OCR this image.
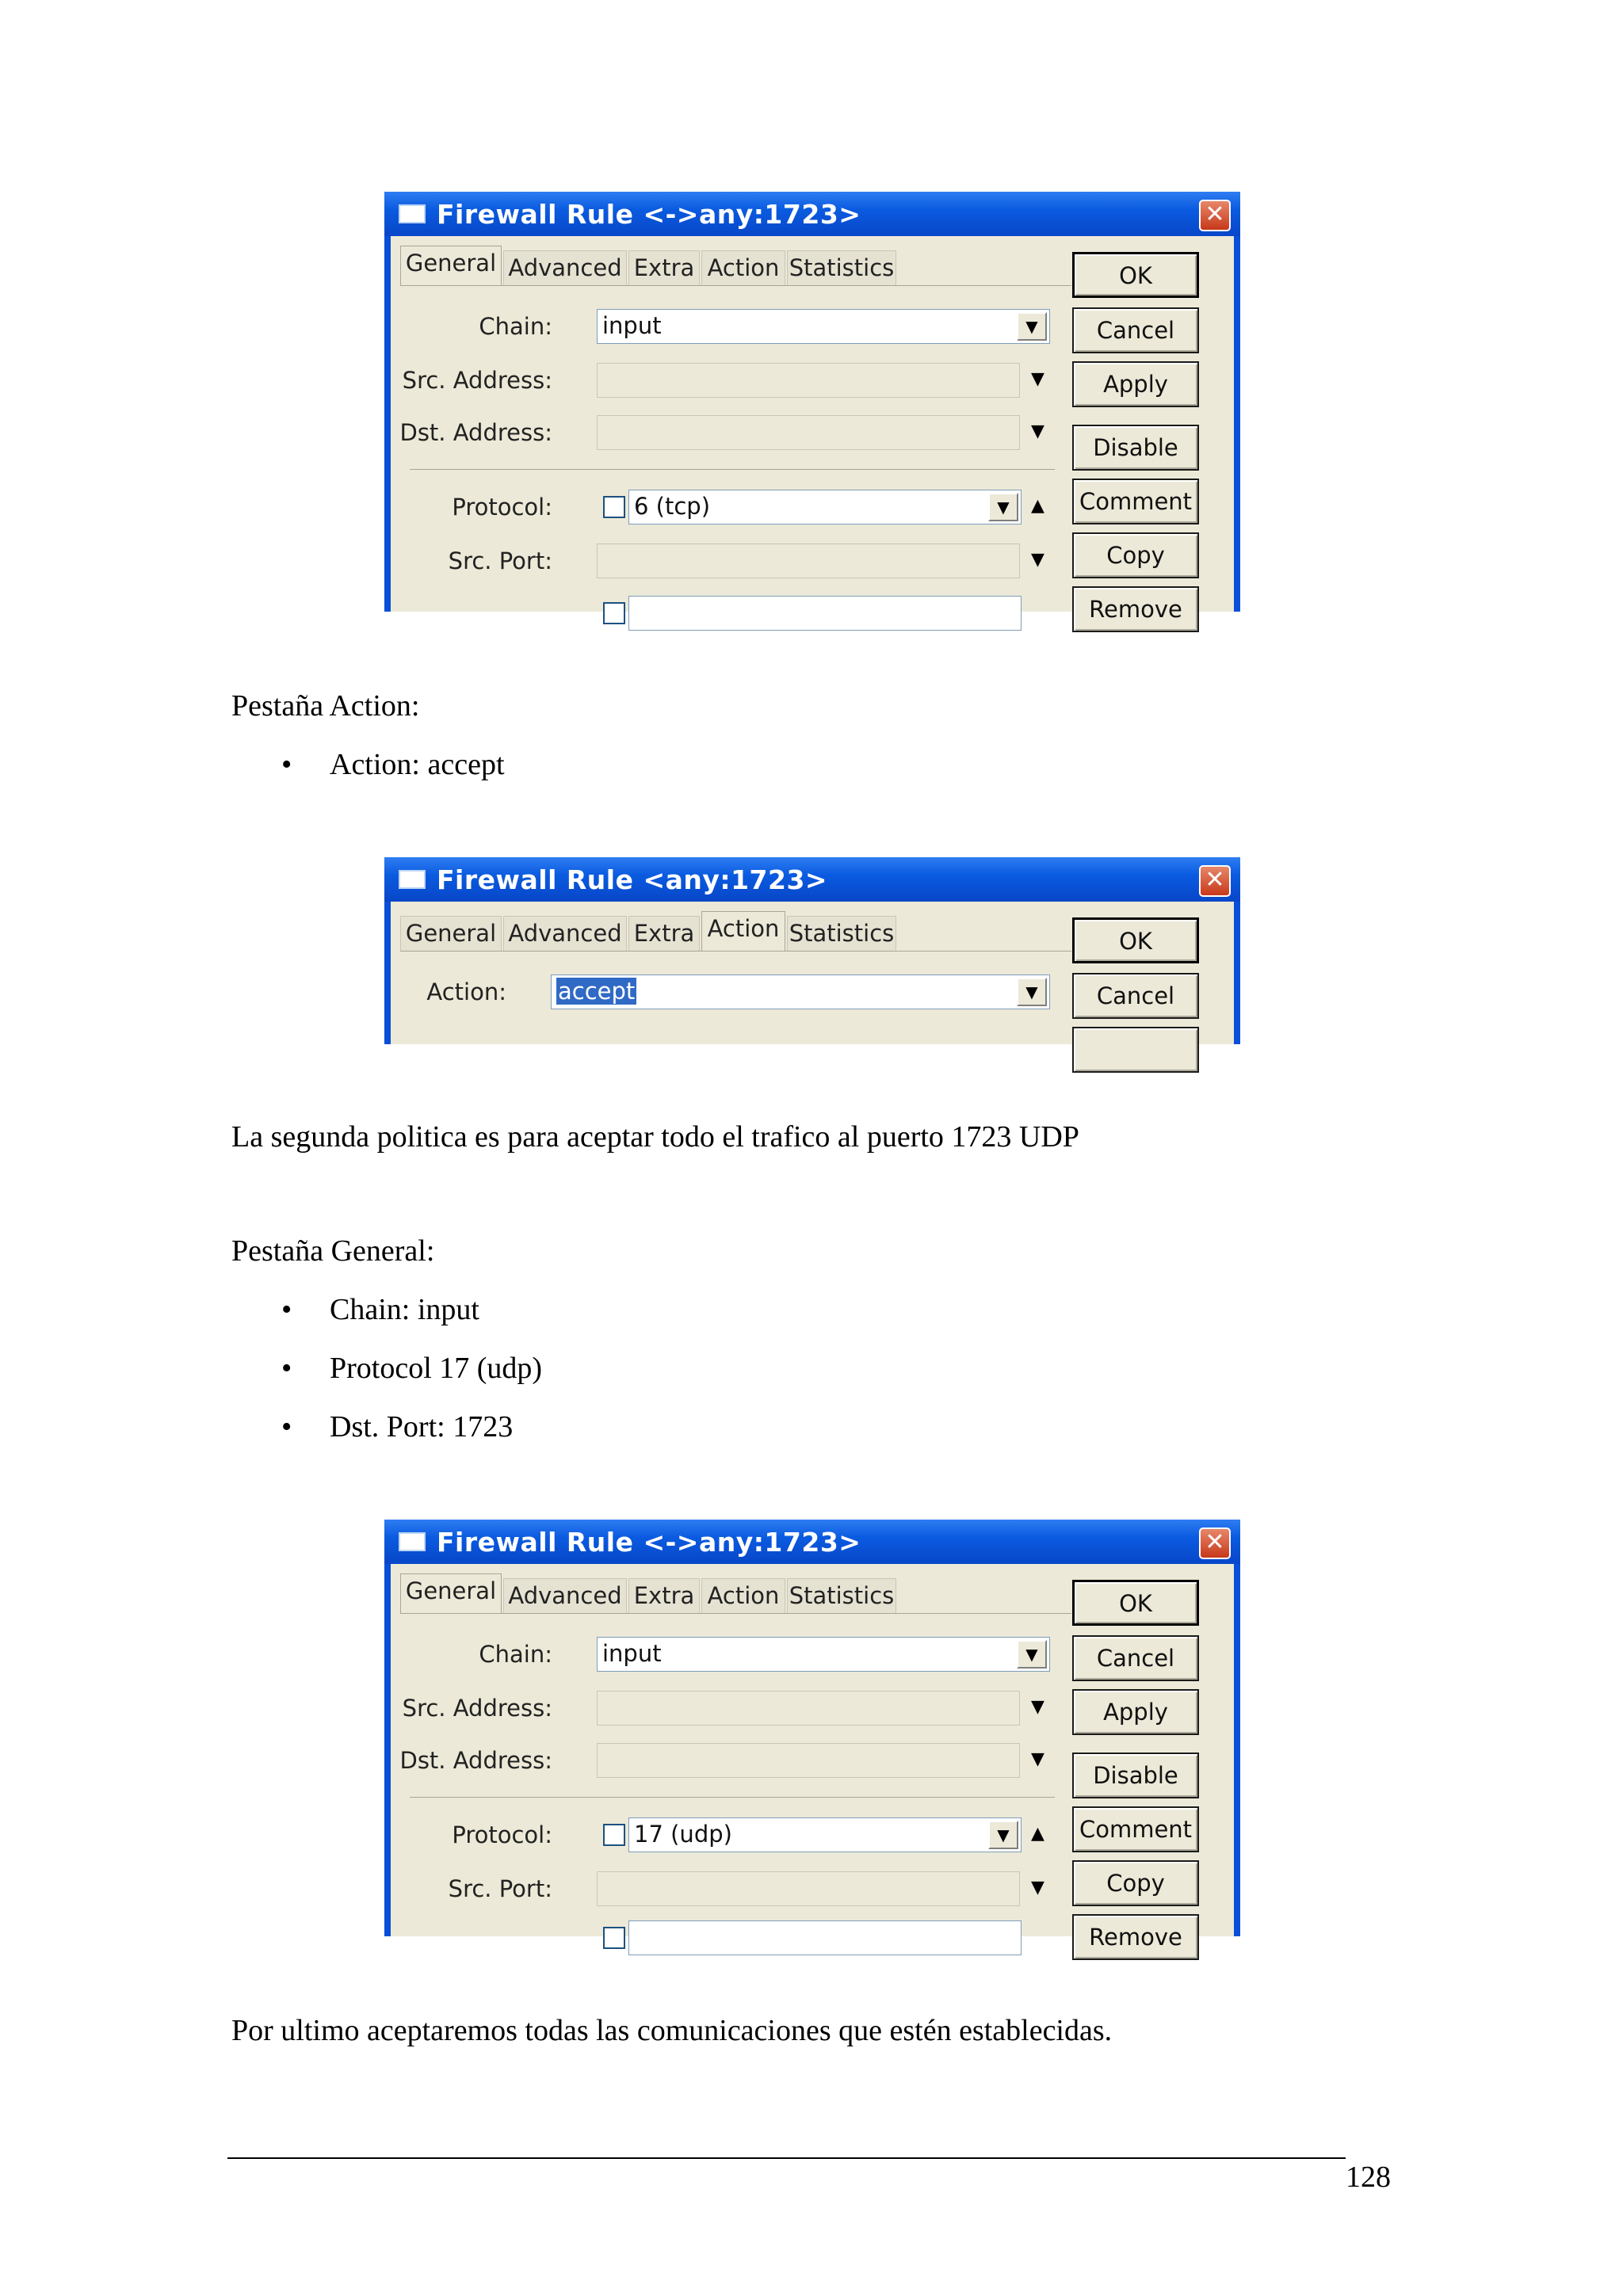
Firewall Rule <->any:1723>	✕
General Advanced Extra Action Statistics
Chain: input	▼
Src. Address:	▼
Dst. Address:	▼
Protocol:	6 (tcp)	▼	▲
Src. Port:	▼
OK
Cancel
Apply
Disable
Comment
Copy
Remove

Pestaña Action:

• Action: accept
Firewall Rule <any:1723>	✕
General Advanced Extra Action Statistics
Action:	accept	▼
OK
Cancel

La segunda politica es para aceptar todo el trafico al puerto 1723 UDP

Pestaña General:

• Chain: input
• Protocol 17 (udp)
• Dst. Port: 1723
Firewall Rule <->any:1723>	✕
General Advanced Extra Action Statistics
Chain: input	▼
Src. Address:	▼
Dst. Address:	▼
Protocol:	17 (udp)	▼	▲
Src. Port:	▼
OK
Cancel
Apply
Disable
Comment
Copy
Remove

Por ultimo aceptaremos todas las comunicaciones que estén establecidas.

128
